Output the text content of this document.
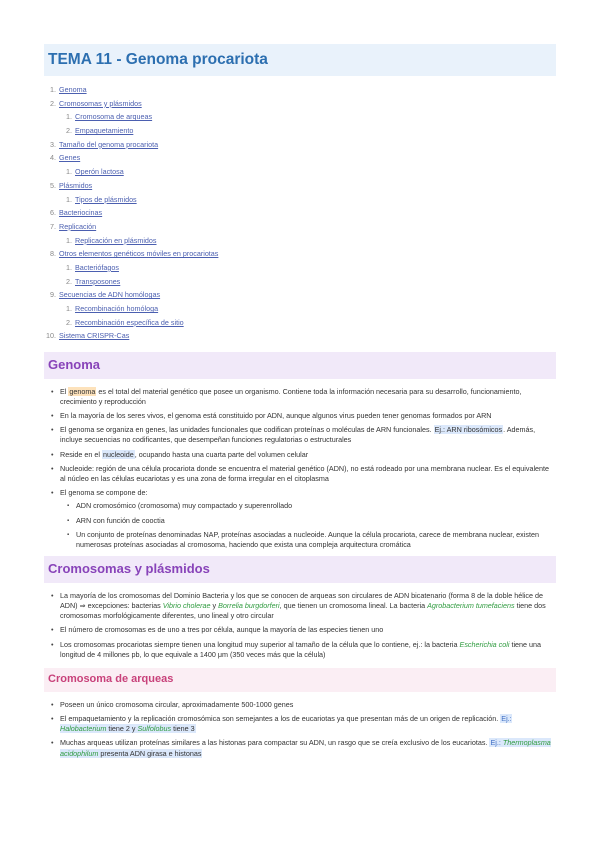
TEMA 11 - Genoma procariota
1. Genoma
2. Cromosomas y plásmidos
1. Cromosoma de arqueas
2. Empaquetamiento
3. Tamaño del genoma procariota
4. Genes
1. Operón lactosa
5. Plásmidos
1. Tipos de plásmidos
6. Bacteriocinas
7. Replicación
1. Replicación en plásmidos
8. Otros elementos genéticos móviles en procariotas
1. Bacteriófagos
2. Transposones
9. Secuencias de ADN homólogas
1. Recombinación homóloga
2. Recombinación específica de sitio
10. Sistema CRISPR-Cas
Genoma
• El genoma es el total del material genético que posee un organismo. Contiene toda la información necesaria para su desarrollo, funcionamiento, crecimiento y reproducción
• En la mayoría de los seres vivos, el genoma está constituido por ADN, aunque algunos virus pueden tener genomas formados por ARN
• El genoma se organiza en genes, las unidades funcionales que codifican proteínas o moléculas de ARN funcionales. Ej.: ARN ribosómicos. Además, incluye secuencias no codificantes, que desempeñan funciones regulatorias o estructurales
• Reside en el nucleoide, ocupando hasta una cuarta parte del volumen celular
• Nucleoide: región de una célula procariota donde se encuentra el material genético (ADN), no está rodeado por una membrana nuclear. Es el equivalente al núcleo en las células eucariotas y es una zona de forma irregular en el citoplasma
• El genoma se compone de:
▪ ADN cromosómico (cromosoma) muy compactado y superenrollado
▪ ARN con función de cooctia
▪ Un conjunto de proteínas denominadas NAP, proteínas asociadas a nucleoide. Aunque la célula procariota, carece de membrana nuclear, existen numerosas proteínas asociadas al cromosoma, haciendo que exista una compleja arquitectura cromática
Cromosomas y plásmidos
• La mayoría de los cromosomas del Dominio Bacteria y los que se conocen de arqueas son circulares de ADN bicatenario (forma 8 de la doble hélice de ADN) ⇒ excepciones: bacterias Vibrio cholerae y Borrelia burgdorferi, que tienen un cromosoma lineal. La bacteria Agrobacterium tumefaciens tiene dos cromosomas morfológicamente diferentes, uno lineal y otro circular
• El número de cromosomas es de uno a tres por célula, aunque la mayoría de las especies tienen uno
• Los cromosomas procariotas siempre tienen una longitud muy superior al tamaño de la célula que lo contiene, ej.: la bacteria Escherichia coli tiene una longitud de 4 millones pb, lo que equivale a 1400 μm (350 veces más que la célula)
Cromosoma de arqueas
• Poseen un único cromosoma circular, aproximadamente 500-1000 genes
• El empaquetamiento y la replicación cromosómica son semejantes a los de eucariotas ya que presentan más de un origen de replicación. Ej.: Halobacterium tiene 2 y Sulfolobus tiene 3
• Muchas arqueas utilizan proteínas similares a las histonas para compactar su ADN, un rasgo que se creía exclusivo de los eucariotas. Ej.: Thermoplasma acidophilum presenta ADN girasa e histonas
